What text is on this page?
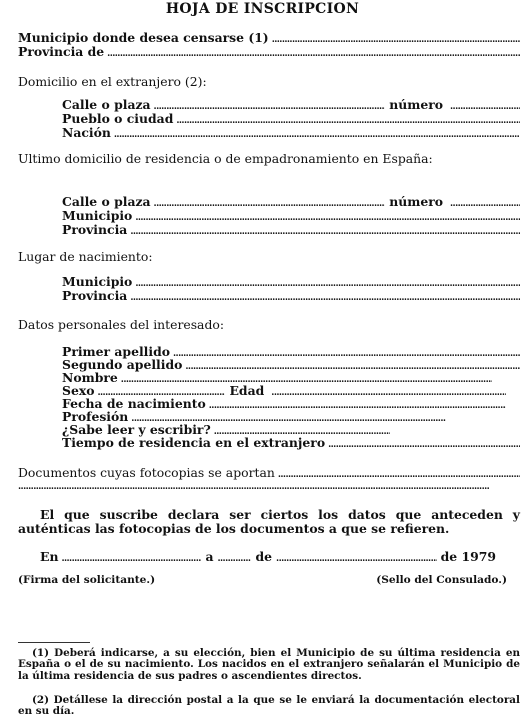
HOJA DE INSCRIPCION
Municipio donde desea censarse (1)
.....
Provincia de
.....
Domicilio en el extranjero (2):
Calle o plaza .....	número
.....
Pueblo o ciudad
.....
Nación
.....
Ultimo domicilio de residencia o de empadronamiento en España:
Calle o plaza .....	número
.....
Municipio
.....
Provincia
.....
Lugar de nacimiento:
Municipio
.....
Provincia
.....
Datos personales del interesado:
Primer apellido
.....
Segundo apellido
.....
Nombre
.....
Sexo .....	Edad
.....
Fecha de nacimiento
.....
Profesión
.....
¿Sabe leer y escribir?
.....
Tiempo de residencia en el extranjero
.....
Documentos cuyas fotocopias se aportan
.....
.....
El que suscribe declara ser ciertos los datos que anteceden y auténticas las fotocopias de los documentos a que se refieren.
En .....	a .....	de .....	de 1979
(Firma del solicitante.)	(Sello del Consulado.)
(1) Deberá indicarse, a su elección, bien el Municipio de su última residencia en España o el de su nacimiento. Los nacidos en el extranjero señalarán el Municipio de la última residencia de sus padres o ascendientes directos.
(2) Detállese la dirección postal a la que se le enviará la documentación electoral en su día.
